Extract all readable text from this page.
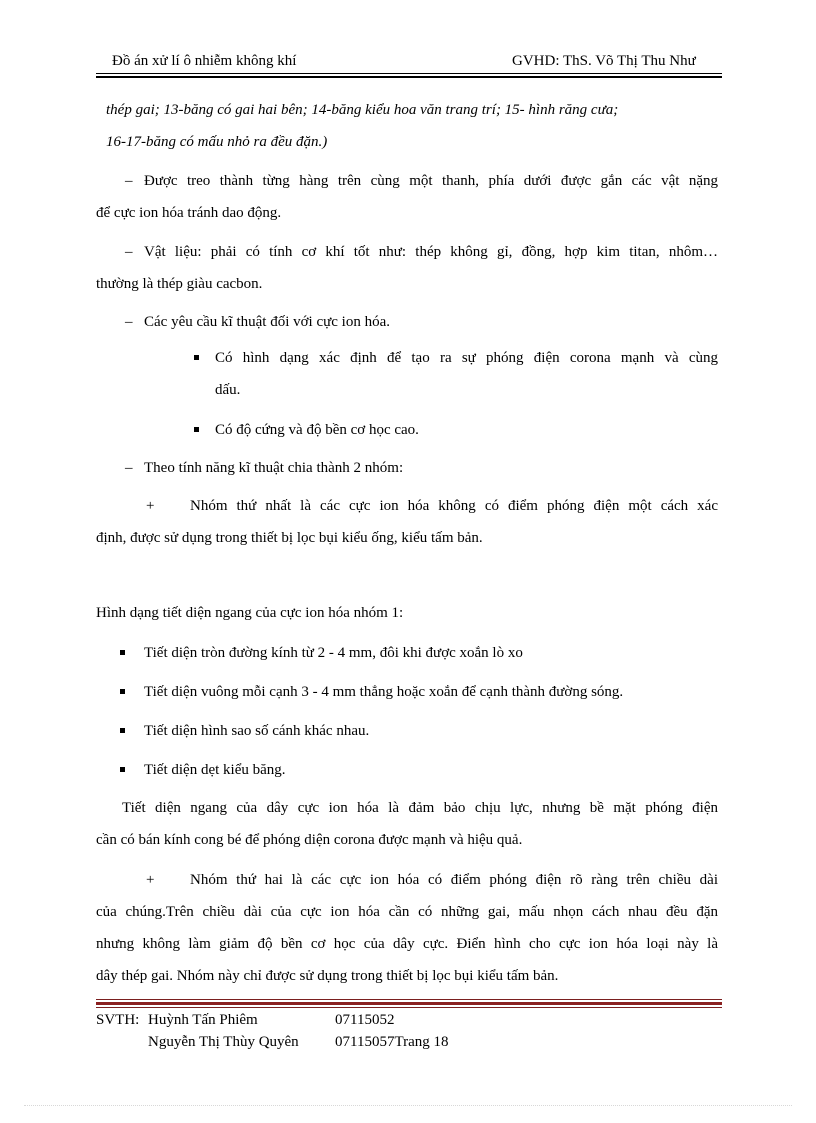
Đồ án xử lí ô nhiễm không khí	GVHD: ThS. Võ Thị Thu Như
thép gai; 13-băng có gai hai bên; 14-băng kiểu hoa văn trang trí; 15- hình răng cưa;
16-17-băng có mấu nhỏ ra đều đặn.)
– Được treo thành từng hàng trên cùng một thanh, phía dưới được gắn các vật nặng
để cực ion hóa tránh dao động.
– Vật liệu: phải có tính cơ khí tốt như: thép không gỉ, đồng, hợp kim titan, nhôm…
thường là thép giàu cacbon.
– Các yêu cầu kĩ thuật đối với cực ion hóa.
Có hình dạng xác định để tạo ra sự phóng điện corona mạnh và cùng
dấu.
Có độ cứng và độ bền cơ học cao.
– Theo tính năng kĩ thuật chia thành 2 nhóm:
+ Nhóm thứ nhất là các cực ion hóa không có điểm phóng điện một cách xác
định, được sử dụng trong thiết bị lọc bụi kiểu ống, kiểu tấm bản.
Hình dạng tiết diện ngang của cực ion hóa nhóm 1:
Tiết diện tròn đường kính từ 2 - 4 mm, đôi khi được xoắn lò xo
Tiết diện vuông mỗi cạnh 3 - 4 mm thẳng hoặc xoắn để cạnh thành đường sóng.
Tiết diện hình sao số cánh khác nhau.
Tiết diện dẹt kiểu băng.
Tiết diện ngang của dây cực ion hóa là đảm bảo chịu lực, nhưng bề mặt phóng điện
cần có bán kính cong bé để phóng diện corona được mạnh và hiệu quả.
+ Nhóm thứ hai là các cực ion hóa có điểm phóng điện rõ ràng trên chiều dài
của chúng.Trên chiều dài của cực ion hóa cần có những gai, mấu nhọn cách nhau đều đặn
nhưng không làm giảm độ bền cơ học của dây cực. Điển hình cho cực ion hóa loại này là
dây thép gai. Nhóm này chỉ được sử dụng trong thiết bị lọc bụi kiểu tấm bản.
SVTH: Huỳnh Tấn Phiêm	07115052
Nguyễn Thị Thùy Quyên 07115057Trang 18
